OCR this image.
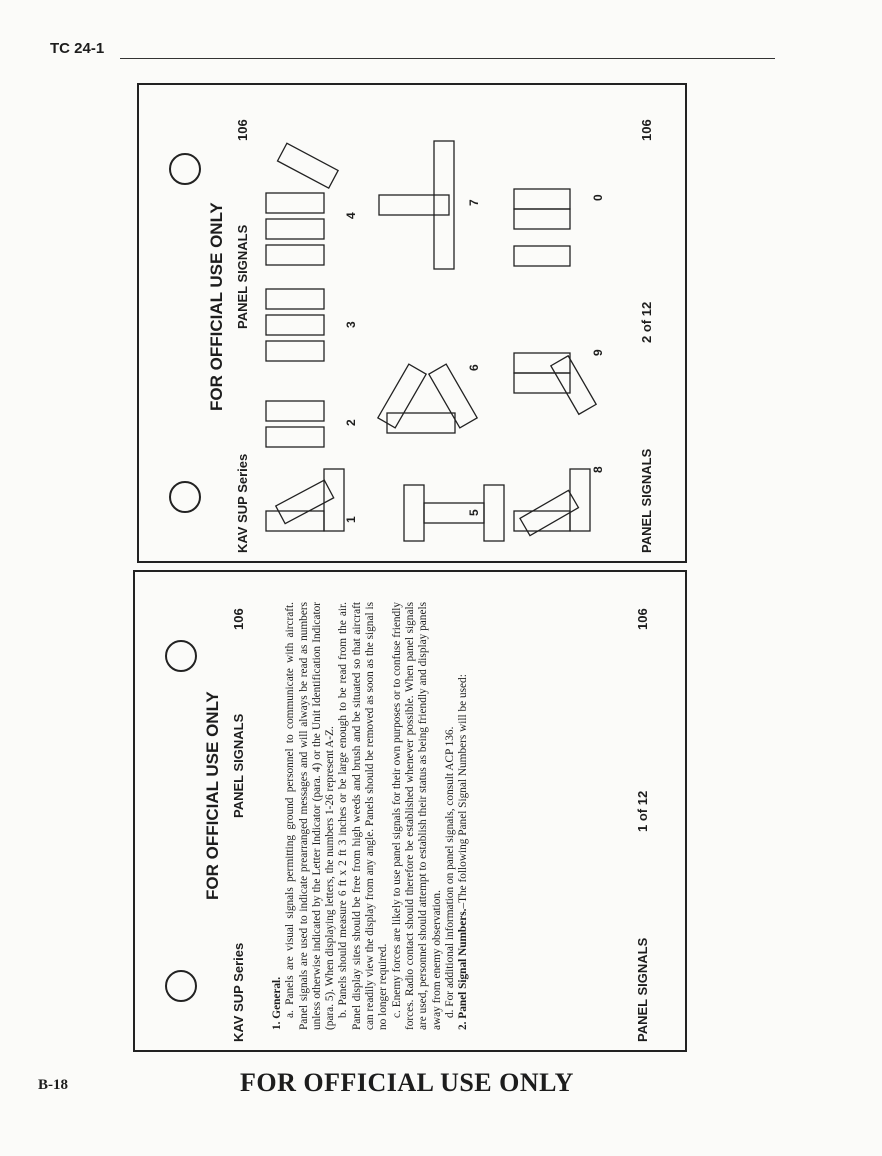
TC 24-1
FOR OFFICIAL USE ONLY
KAV SUP Series
PANEL SIGNALS
106
1
2
3
4
5
6
7
8
9
0
PANEL SIGNALS
2 of 12
106
FOR OFFICIAL USE ONLY
KAV SUP Series
PANEL SIGNALS
106

1. General. a. Panels are visual signals permitting ground personnel to communicate with aircraft. Panel signals are used to indicate prearranged messages and will always be read as numbers unless otherwise indicated by the Letter Indicator (para. 4) or the Unit Identification Indicator (para. 5). When displaying letters, the numbers 1-26 represent A-Z. b. Panels should measure 6 ft x 2 ft 3 inches or be large enough to be read from the air. Panel display sites should be free from high weeds and brush and be situated so that aircraft can readily view the display from any angle. Panels should be removed as soon as the signal is no longer required. c. Enemy forces are likely to use panel signals for their own purposes or to confuse friendly forces. Radio contact should therefore be established whenever possible. When panel signals are used, personnel should attempt to establish their status as being friendly and display panels away from enemy observation. d. For additional information on panel signals, consult ACP 136. 2. Panel Signal Numbers.–The following Panel Signal Numbers will be used:

PANEL SIGNALS
1 of 12
106
B-18	FOR OFFICIAL USE ONLY
